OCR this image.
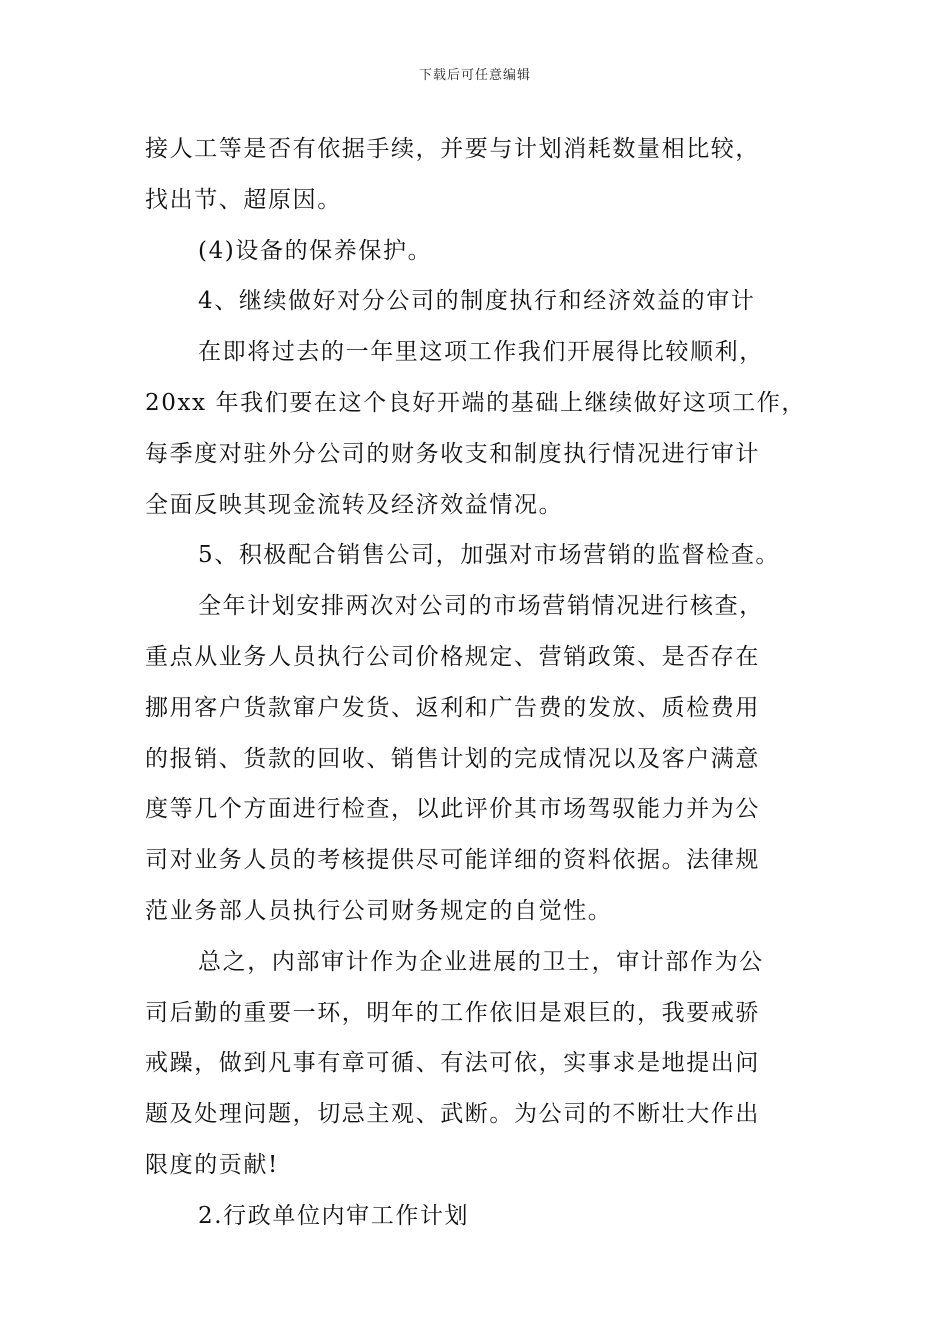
下载后可任意编辑
接人工等是否有依据手续，并要与计划消耗数量相比较，
找出节、超原因。
(4)设备的保养保护。
4、继续做好对分公司的制度执行和经济效益的审计
在即将过去的一年里这项工作我们开展得比较顺利，
20xx 年我们要在这个良好开端的基础上继续做好这项工作，
每季度对驻外分公司的财务收支和制度执行情况进行审计
全面反映其现金流转及经济效益情况。
5、积极配合销售公司，加强对市场营销的监督检查。
全年计划安排两次对公司的市场营销情况进行核查，
重点从业务人员执行公司价格规定、营销政策、是否存在
挪用客户货款窜户发货、返利和广告费的发放、质检费用
的报销、货款的回收、销售计划的完成情况以及客户满意
度等几个方面进行检查，以此评价其市场驾驭能力并为公
司对业务人员的考核提供尽可能详细的资料依据。法律规
范业务部人员执行公司财务规定的自觉性。
总之，内部审计作为企业进展的卫士，审计部作为公
司后勤的重要一环，明年的工作依旧是艰巨的，我要戒骄
戒躁，做到凡事有章可循、有法可依，实事求是地提出问
题及处理问题，切忌主观、武断。为公司的不断壮大作出
限度的贡献!
2.行政单位内审工作计划
